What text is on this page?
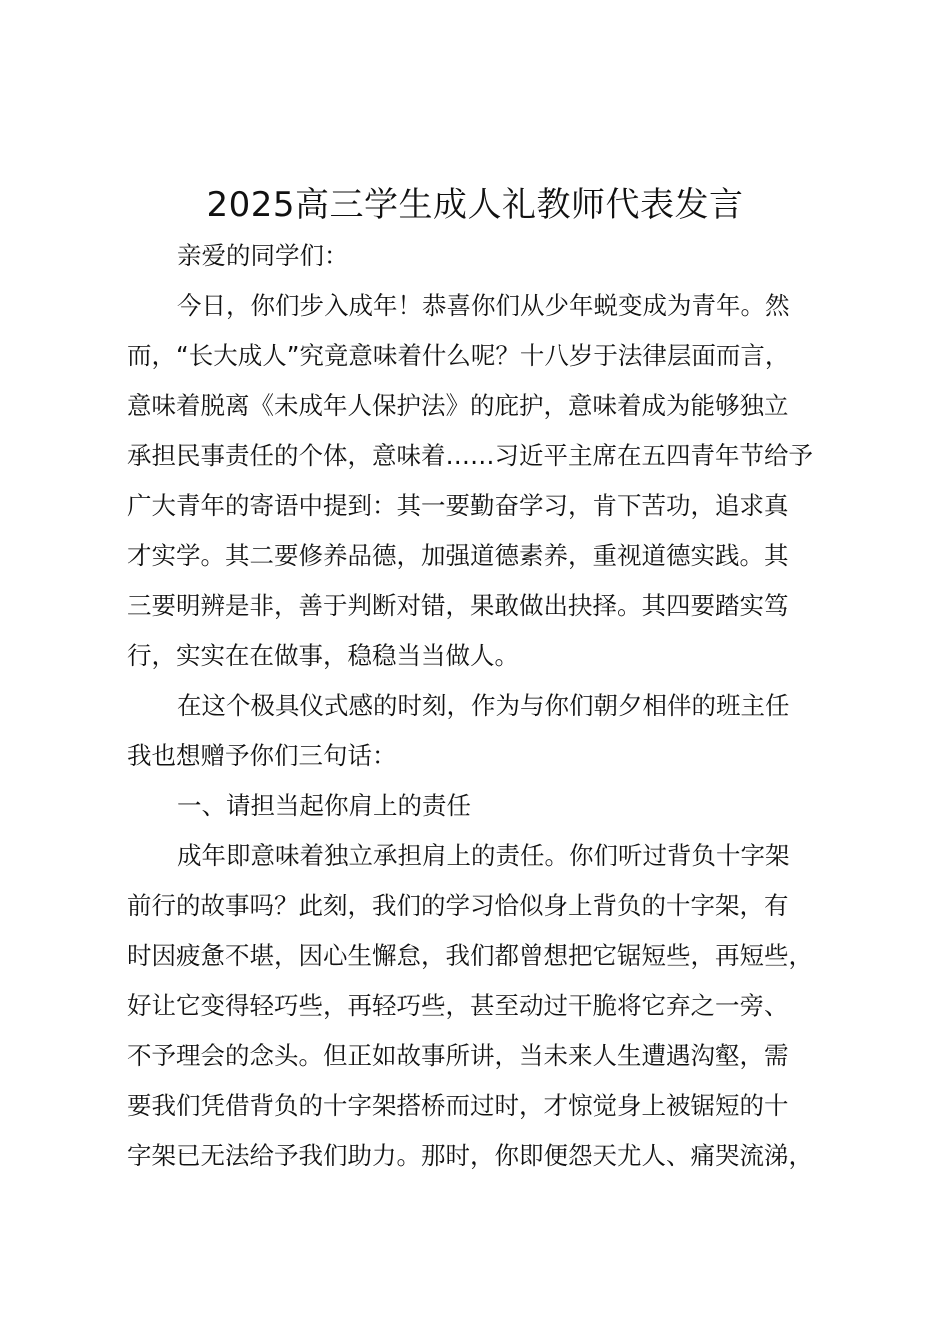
2025高三学生成人礼教师代表发言
亲爱的同学们：
今日，你们步入成年！恭喜你们从少年蜕变成为青年。然
而，“长大成人”究竟意味着什么呢？十八岁于法律层面而言，
意味着脱离《未成年人保护法》的庇护，意味着成为能够独立
承担民事责任的个体，意味着……习近平主席在五四青年节给予
广大青年的寄语中提到：其一要勤奋学习，肯下苦功，追求真
才实学。其二要修养品德，加强道德素养，重视道德实践。其
三要明辨是非，善于判断对错，果敢做出抉择。其四要踏实笃
行，实实在在做事，稳稳当当做人。
在这个极具仪式感的时刻，作为与你们朝夕相伴的班主任
我也想赠予你们三句话：
一、请担当起你肩上的责任
成年即意味着独立承担肩上的责任。你们听过背负十字架
前行的故事吗？此刻，我们的学习恰似身上背负的十字架，有
时因疲惫不堪，因心生懈怠，我们都曾想把它锯短些，再短些，
好让它变得轻巧些，再轻巧些，甚至动过干脆将它弃之一旁、
不予理会的念头。但正如故事所讲，当未来人生遭遇沟壑，需
要我们凭借背负的十字架搭桥而过时，才惊觉身上被锯短的十
字架已无法给予我们助力。那时，你即便怨天尤人、痛哭流涕，
